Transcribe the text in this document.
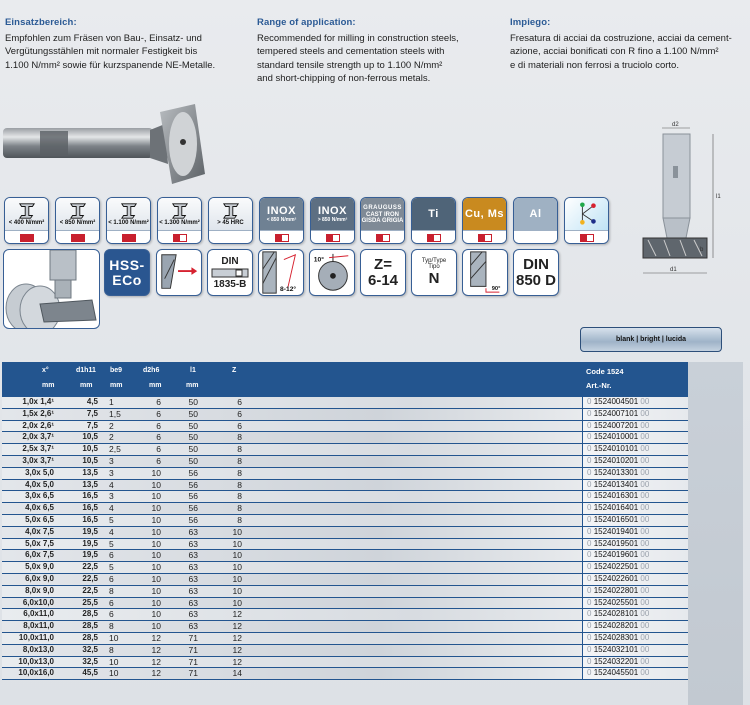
Einsatzbereich:
Empfohlen zum Fräsen von Bau-, Einsatz- und
Vergütungsstählen mit normaler Festigkeit bis
1.100 N/mm² sowie für kurzspanende NE-Metalle.
Range of application:
Recommended for milling in construction steels,
tempered steels and cementation steels with
standard tensile strength up to 1.100 N/mm²
and short-chipping of non-ferrous metals.
Impiego:
Fresatura di acciai da costruzione, acciai da cement-
azione, acciai bonificati con R fino a 1.100 N/mm²
e di materiali non ferrosi a truciolo corto.
< 400 N/mm²	< 850 N/mm² < 1.100 N/mm² < 1.300 N/mm²	> 45 HRC
INOX
< 850 N/mm²
INOX
> 850 N/mm²
GRAUGUSS
CAST IRON
GISDA GRIGIA
Ti Cu, Ms Al
HSS-ECo
DIN
1835-B
8-12°
10°	Z=
6-14
Typ/Type
Tipo
N
90°
DIN
850 D
d2
l1
b
d1
blank | bright | lucida
x°
mm
d1h11
mm
be9
mm
d2h6
mm
l1
mm
Z	Code 1524
Art.-Nr.
1,0x 1,4¹	4,5 1	6	50	6	0 1524004501 00
1,5x 2,6¹	7,5 1,5	6	50	6	0 1524007101 00
2,0x 2,6¹	7,5 2	6	50	6	0 1524007201 00
2,0x 3,7¹	10,5 2	6	50	8	0 1524010001 00
2,5x 3,7¹	10,5 2,5	6	50	8	0 1524010101 00
3,0x 3,7¹	10,5 3	6	50	8	0 1524010201 00
3,0x 5,0	13,5 3	10	56	8	0 1524013301 00
4,0x 5,0	13,5 4	10	56	8	0 1524013401 00
3,0x 6,5	16,5 3	10	56	8	0 1524016301 00
4,0x 6,5	16,5 4	10	56	8	0 1524016401 00
5,0x 6,5	16,5 5	10	56	8	0 1524016501 00
4,0x 7,5	19,5 4	10	63	10	0 1524019401 00
5,0x 7,5	19,5 5	10	63	10	0 1524019501 00
6,0x 7,5	19,5 6	10	63	10	0 1524019601 00
5,0x 9,0	22,5 5	10	63	10	0 1524022501 00
6,0x 9,0	22,5 6	10	63	10	0 1524022601 00
8,0x 9,0	22,5 8	10	63	10	0 1524022801 00
6,0x10,0	25,5 6	10	63	10	0 1524025501 00
6,0x11,0	28,5 6	10	63	12	0 1524028101 00
8,0x11,0	28,5 8	10	63	12	0 1524028201 00
10,0x11,0	28,5 10	12	71	12	0 1524028301 00
8,0x13,0	32,5 8	12	71	12	0 1524032101 00
10,0x13,0	32,5 10	12	71	12	0 1524032201 00
10,0x16,0	45,5 10	12	71	14	0 1524045501 00
